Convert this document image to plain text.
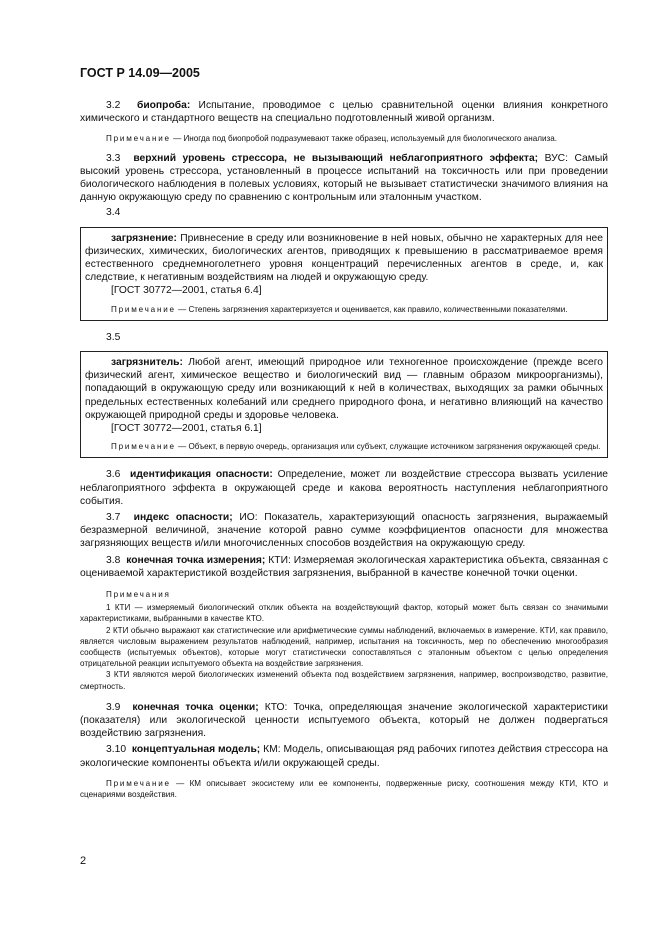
ГОСТ Р 14.09—2005

3.2 биопроба: Испытание, проводимое с целью сравнительной оценки влияния конкретного химического и стандартного веществ на специально подготовленный живой организм.

Примечание — Иногда под биопробой подразумевают также образец, используемый для биологического анализа.

3.3 верхний уровень стрессора, не вызывающий неблагоприятного эффекта; ВУС: Самый высокий уровень стрессора, установленный в процессе испытаний на токсичность или при проведении биологического наблюдения в полевых условиях, который не вызывает статистически значимого влияния на данную окружающую среду по сравнению с контрольным или эталонным участком.

3.4

загрязнение: Привнесение в среду или возникновение в ней новых, обычно не характерных для нее физических, химических, биологических агентов, приводящих к превышению в рассматриваемое время естественного среднемноголетнего уровня концентраций перечисленных агентов в среде, и, как следствие, к негативным воздействиям на людей и окружающую среду.

[ГОСТ 30772—2001, статья 6.4]

Примечание — Степень загрязнения характеризуется и оценивается, как правило, количественными показателями.

3.5

загрязнитель: Любой агент, имеющий природное или техногенное происхождение (прежде всего физический агент, химическое вещество и биологический вид — главным образом микроорганизмы), попадающий в окружающую среду или возникающий к ней в количествах, выходящих за рамки обычных предельных естественных колебаний или среднего природного фона, и негативно влияющий на качество окружающей природной среды и здоровье человека.

[ГОСТ 30772—2001, статья 6.1]

Примечание — Объект, в первую очередь, организация или субъект, служащие источником загрязнения окружающей среды.

3.6 идентификация опасности: Определение, может ли воздействие стрессора вызвать усиление неблагоприятного эффекта в окружающей среде и какова вероятность наступления неблагоприятного события.

3.7 индекс опасности; ИО: Показатель, характеризующий опасность загрязнения, выражаемый безразмерной величиной, значение которой равно сумме коэффициентов опасности для множества загрязняющих веществ и/или многочисленных способов воздействия на окружающую среду.

3.8 конечная точка измерения; КТИ: Измеряемая экологическая характеристика объекта, связанная с оцениваемой характеристикой воздействия загрязнения, выбранной в качестве конечной точки оценки.

Примечания

1 КТИ — измеряемый биологический отклик объекта на воздействующий фактор, который может быть связан со значимыми характеристиками, выбранными в качестве КТО.

2 КТИ обычно выражают как статистические или арифметические суммы наблюдений, включаемых в измерение. КТИ, как правило, является числовым выражением результатов наблюдений, например, испытания на токсичность, мер по обеспечению многообразия сообществ (испытуемых объектов), которые могут статистически сопоставляться с эталонным объектом с целью определения отрицательной реакции испытуемого объекта на воздействие загрязнения.

3 КТИ являются мерой биологических изменений объекта под воздействием загрязнения, например, воспроизводство, развитие, смертность.

3.9 конечная точка оценки; КТО: Точка, определяющая значение экологической характеристики (показателя) или экологической ценности испытуемого объекта, который не должен подвергаться воздействию загрязнения.

3.10 концептуальная модель; КМ: Модель, описывающая ряд рабочих гипотез действия стрессора на экологические компоненты объекта и/или окружающей среды.

Примечание — КМ описывает экосистему или ее компоненты, подверженные риску, соотношения между КТИ, КТО и сценариями воздействия.

2
